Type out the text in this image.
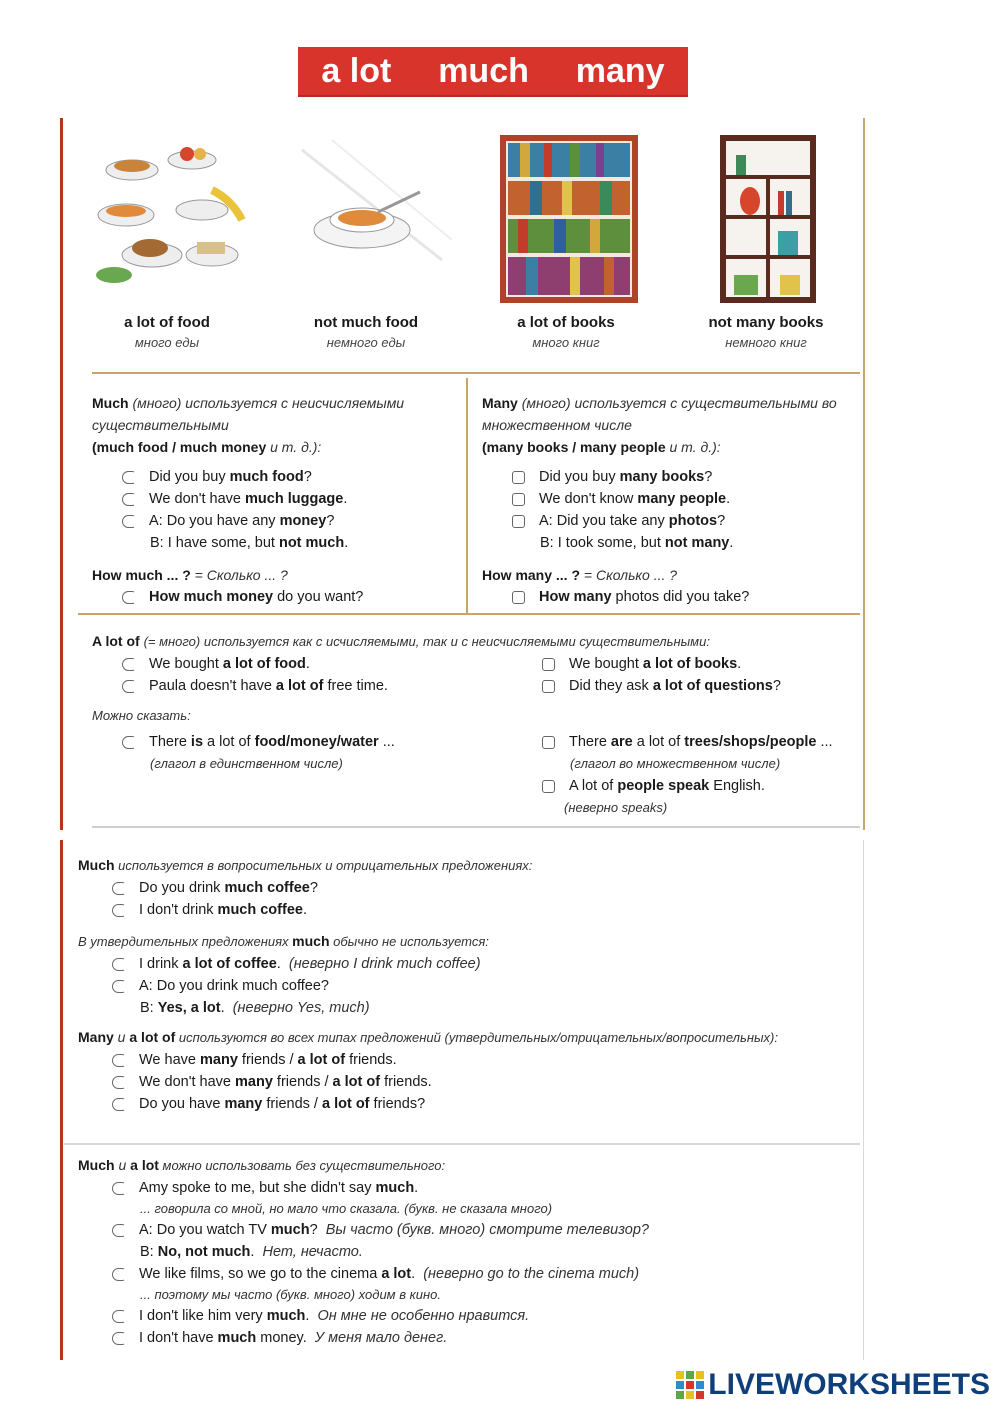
a lot much many
a lot of food
много еды
not much food
немного еды
a lot of books
много книг
not many books
немного книг
Much (много) используется с неисчисляемыми существительными
(much food / much money и т. д.):
Did you buy much food?
We don't have much luggage.
A: Do you have any money?
B: I have some, but not much.
How much ... ? = Сколько ... ?
How much money do you want?
Many (много) используется с существительными во множественном числе
(many books / many people и т. д.):
Did you buy many books?
We don't know many people.
A: Did you take any photos?
B: I took some, but not many.
How many ... ? = Сколько ... ?
How many photos did you take?
A lot of (= много) используется как с исчисляемыми, так и с неисчисляемыми существительными:
We bought a lot of food.
Paula doesn't have a lot of free time.
We bought a lot of books.
Did they ask a lot of questions?
Можно сказать:
There is a lot of food/money/water ...
(глагол в единственном числе)
There are a lot of trees/shops/people ...
(глагол во множественном числе)
A lot of people speak English.
(неверно speaks)
Much используется в вопросительных и отрицательных предложениях:
Do you drink much coffee?
I don't drink much coffee.
В утвердительных предложениях much обычно не используется:
I drink a lot of coffee. (неверно I drink much coffee)
A: Do you drink much coffee?
B: Yes, a lot. (неверно Yes, much)
Many и a lot of используются во всех типах предложений (утвердительных/отрицательных/вопросительных):
We have many friends / a lot of friends.
We don't have many friends / a lot of friends.
Do you have many friends / a lot of friends?
Much и a lot можно использовать без существительного:
Amy spoke to me, but she didn't say much.
... говорила со мной, но мало что сказала. (букв. не сказала много)
A: Do you watch TV much? Вы часто (букв. много) смотрите телевизор?
B: No, not much. Нет, нечасто.
We like films, so we go to the cinema a lot. (неверно go to the cinema much)
... поэтому мы часто (букв. много) ходим в кино.
I don't like him very much. Он мне не особенно нравится.
I don't have much money. У меня мало денег.
LIVEWORKSHEETS
